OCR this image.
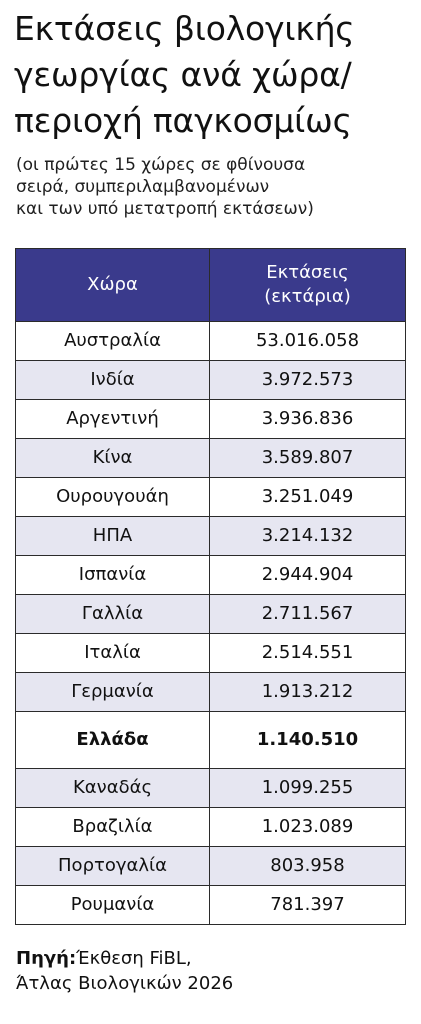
Εκτάσεις βιολογικής
γεωργίας ανά χώρα/
περιοχή παγκοσμίως
(οι πρώτες 15 χώρες σε φθίνουσα
σειρά, συμπεριλαμβανομένων
και των υπό μετατροπή εκτάσεων)
Χώρα	Εκτάσεις
(εκτάρια)

Αυστραλία	53.016.058
Ινδία	3.972.573
Αργεντινή	3.936.836
Κίνα	3.589.807
Ουρουγουάη	3.251.049
ΗΠΑ	3.214.132
Ισπανία	2.944.904
Γαλλία	2.711.567
Ιταλία	2.514.551
Γερμανία	1.913.212
Ελλάδα	1.140.510
Καναδάς	1.099.255
Βραζιλία	1.023.089
Πορτογαλία	803.958
Ρουμανία	781.397
Πηγή:Έκθεση FiBL,
Άτλας Βιολογικών 2026
